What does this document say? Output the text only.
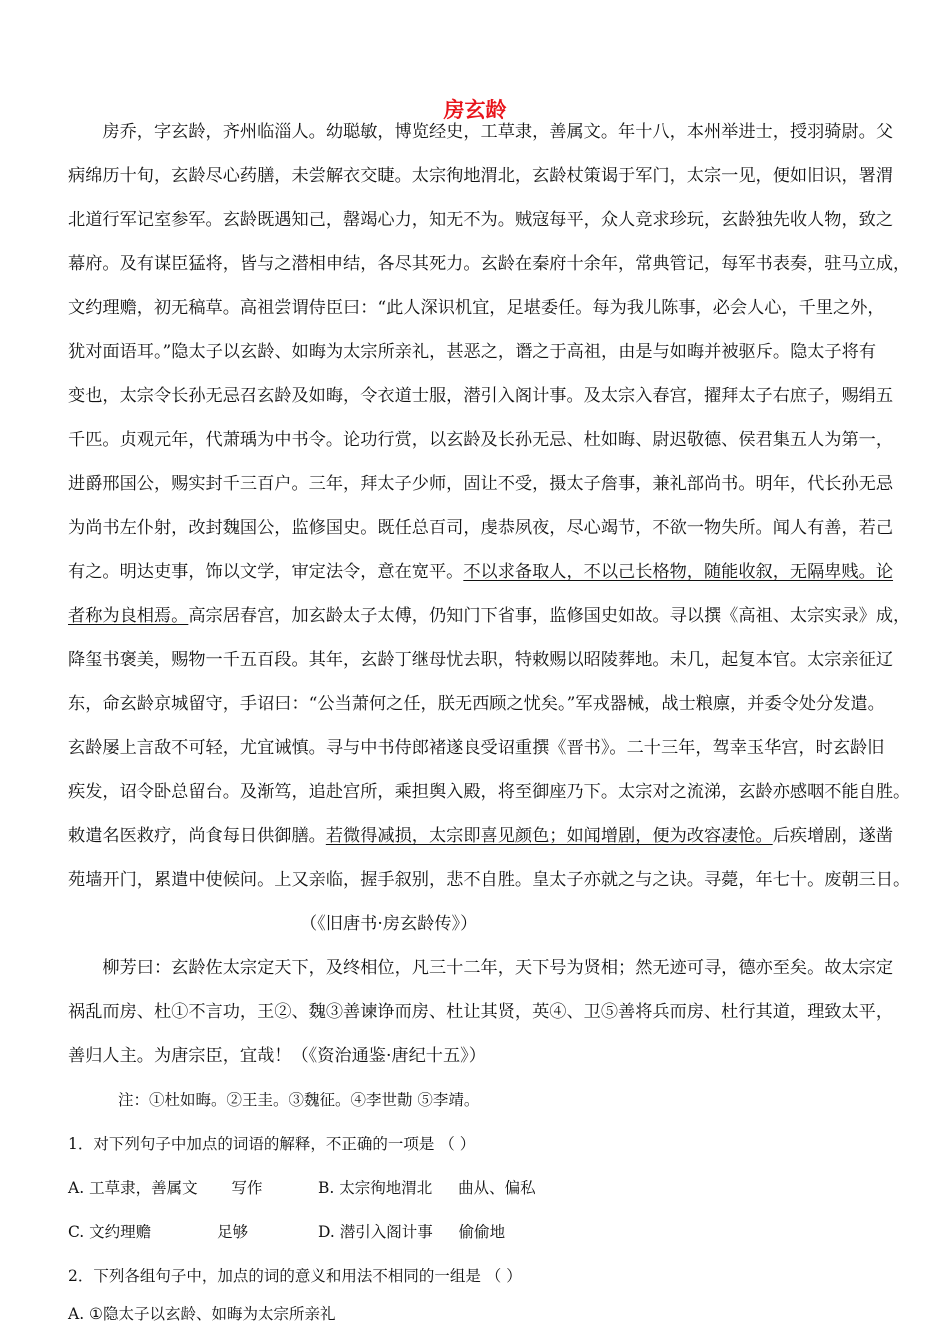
房玄龄
　　房乔，字玄龄，齐州临淄人。幼聪敏，博览经史，工草隶，善属文。年十八，本州举进士，授羽骑尉。父
病绵历十旬，玄龄尽心药膳，未尝解衣交睫。太宗徇地渭北，玄龄杖策谒于军门，太宗一见，便如旧识，署渭
北道行军记室参军。玄龄既遇知己，罄竭心力，知无不为。贼寇每平，众人竞求珍玩，玄龄独先收人物，致之
幕府。及有谋臣猛将，皆与之潜相申结，各尽其死力。玄龄在秦府十余年，常典管记，每军书表奏，驻马立成，
文约理赡，初无稿草。高祖尝谓侍臣曰：“此人深识机宜，足堪委任。每为我儿陈事，必会人心，千里之外，
犹对面语耳。”隐太子以玄龄、如晦为太宗所亲礼，甚恶之，谮之于高祖，由是与如晦并被驱斥。隐太子将有
变也，太宗令长孙无忌召玄龄及如晦，令衣道士服，潜引入阁计事。及太宗入春宫，擢拜太子右庶子，赐绢五
千匹。贞观元年，代萧瑀为中书令。论功行赏，以玄龄及长孙无忌、杜如晦、尉迟敬德、侯君集五人为第一，
进爵邢国公，赐实封千三百户。三年，拜太子少师，固让不受，摄太子詹事，兼礼部尚书。明年，代长孙无忌
为尚书左仆射，改封魏国公，监修国史。既任总百司，虔恭夙夜，尽心竭节，不欲一物失所。闻人有善，若己
有之。明达吏事，饰以文学，审定法令，意在宽平。不以求备取人，不以己长格物，随能收叙，无隔卑贱。论
者称为良相焉。高宗居春宫，加玄龄太子太傅，仍知门下省事，监修国史如故。寻以撰《高祖、太宗实录》成，
降玺书褒美，赐物一千五百段。其年，玄龄丁继母忧去职，特敕赐以昭陵葬地。未几，起复本官。太宗亲征辽
东，命玄龄京城留守，手诏曰：“公当萧何之任，朕无西顾之忧矣。”军戎器械，战士粮廪，并委令处分发遣。
玄龄屡上言敌不可轻，尤宜诫慎。寻与中书侍郎褚遂良受诏重撰《晋书》。二十三年，驾幸玉华宫，时玄龄旧
疾发，诏令卧总留台。及渐笃，追赴宫所，乘担舆入殿，将至御座乃下。太宗对之流涕，玄龄亦感咽不能自胜。
敕遣名医救疗，尚食每日供御膳。若微得减损，太宗即喜见颜色；如闻增剧，便为改容凄怆。后疾增剧，遂凿
苑墙开门，累遣中使候问。上又亲临，握手叙别，悲不自胜。皇太子亦就之与之诀。寻薨，年七十。废朝三日。
（《旧唐书·房玄龄传》）
　　柳芳曰：玄龄佐太宗定天下，及终相位，凡三十二年，天下号为贤相；然无迹可寻，德亦至矣。故太宗定
祸乱而房、杜①不言功，王②、魏③善谏诤而房、杜让其贤，英④、卫⑤善将兵而房、杜行其道，理致太平，
善归人主。为唐宗臣，宜哉！（《资治通鉴·唐纪十五》）
注：①杜如晦。②王圭。③魏征。④李世勣 ⑤李靖。
1．对下列句子中加点的词语的解释，不正确的一项是 （ ）
A. 工草隶，善属文 写作	B. 太宗徇地渭北 曲从、偏私
C. 文约理赡	足够	D. 潜引入阁计事 偷偷地
2．下列各组句子中，加点的词的意义和用法不相同的一组是 （ ）
A. ①隐太子以玄龄、如晦为太宗所亲礼
